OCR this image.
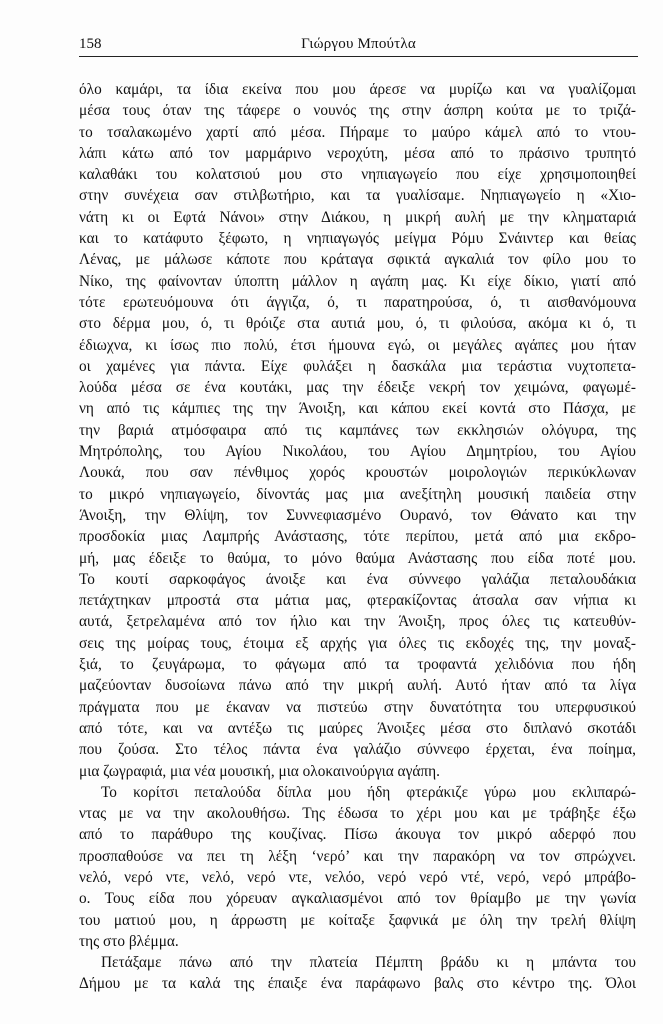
158	Γιώργου Μπούτλα
όλο καμάρι, τα ίδια εκείνα που μου άρεσε να μυρίζω και να γυαλίζομαι
μέσα τους όταν της τάφερε ο νουνός της στην άσπρη κούτα με το τριζά-
το τσαλακωμένο χαρτί από μέσα. Πήραμε το μαύρο κάμελ από το ντου-
λάπι κάτω από τον μαρμάρινο νεροχύτη, μέσα από το πράσινο τρυπητό
καλαθάκι του κολατσιού μου στο νηπιαγωγείο που είχε χρησιμοποιηθεί
στην συνέχεια σαν στιλβωτήριο, και τα γυαλίσαμε. Νηπιαγωγείο η «Χιο-
νάτη κι οι Εφτά Νάνοι» στην Διάκου, η μικρή αυλή με την κληματαριά
και το κατάφυτο ξέφωτο, η νηπιαγωγός μείγμα Ρόμυ Σνάιντερ και θείας
Λένας, με μάλωσε κάποτε που κράταγα σφικτά αγκαλιά τον φίλο μου το
Νίκο, της φαίνονταν ύποπτη μάλλον η αγάπη μας. Κι είχε δίκιο, γιατί από
τότε ερωτευόμουνα ότι άγγιζα, ό, τι παρατηρούσα, ό, τι αισθανόμουνα
στο δέρμα μου, ό, τι θρόιζε στα αυτιά μου, ό, τι φιλούσα, ακόμα κι ό, τι
έδιωχνα, κι ίσως πιο πολύ, έτσι ήμουνα εγώ, οι μεγάλες αγάπες μου ήταν
οι χαμένες για πάντα. Είχε φυλάξει η δασκάλα μια τεράστια νυχτοπετα-
λούδα μέσα σε ένα κουτάκι, μας την έδειξε νεκρή τον χειμώνα, φαγωμέ-
νη από τις κάμπιες της την Άνοιξη, και κάπου εκεί κοντά στο Πάσχα, με
την βαριά ατμόσφαιρα από τις καμπάνες των εκκλησιών ολόγυρα, της
Μητρόπολης, του Αγίου Νικολάου, του Αγίου Δημητρίου, του Αγίου
Λουκά, που σαν πένθιμος χορός κρουστών μοιρολογιών περικύκλωναν
το μικρό νηπιαγωγείο, δίνοντάς μας μια ανεξίτηλη μουσική παιδεία στην
Άνοιξη, την Θλίψη, τον Συννεφιασμένο Ουρανό, τον Θάνατο και την
προσδοκία μιας Λαμπρής Ανάστασης, τότε περίπου, μετά από μια εκδρο-
μή, μας έδειξε το θαύμα, το μόνο θαύμα Ανάστασης που είδα ποτέ μου.
Το κουτί σαρκοφάγος άνοιξε και ένα σύννεφο γαλάζια πεταλουδάκια
πετάχτηκαν μπροστά στα μάτια μας, φτερακίζοντας άτσαλα σαν νήπια κι
αυτά, ξετρελαμένα από τον ήλιο και την Άνοιξη, προς όλες τις κατευθύν-
σεις της μοίρας τους, έτοιμα εξ αρχής για όλες τις εκδοχές της, την μοναξ-
ξιά, το ζευγάρωμα, το φάγωμα από τα τροφαντά χελιδόνια που ήδη
μαζεύονταν δυσοίωνα πάνω από την μικρή αυλή. Αυτό ήταν από τα λίγα
πράγματα που με έκαναν να πιστεύω στην δυνατότητα του υπερφυσικού
από τότε, και να αντέξω τις μαύρες Άνοιξες μέσα στο διπλανό σκοτάδι
που ζούσα. Στο τέλος πάντα ένα γαλάζιο σύννεφο έρχεται, ένα ποίημα,
μια ζωγραφιά, μια νέα μουσική, μια ολοκαινούργια αγάπη.
Το κορίτσι πεταλούδα δίπλα μου ήδη φτεράκιζε γύρω μου εκλιπαρώ-
ντας με να την ακολουθήσω. Της έδωσα το χέρι μου και με τράβηξε έξω
από το παράθυρο της κουζίνας. Πίσω άκουγα τον μικρό αδερφό που
προσπαθούσε να πει τη λέξη ‘νερό’ και την παρακόρη να τον σπρώχνει.
νελό, νερό ντε, νελό, νερό ντε, νελόο, νερό νερό ντέ, νερό, νερό μπράβο-
ο. Τους είδα που χόρευαν αγκαλιασμένοι από τον θρίαμβο με την γωνία
του ματιού μου, η άρρωστη με κοίταξε ξαφνικά με όλη την τρελή θλίψη
της στο βλέμμα.
Πετάξαμε πάνω από την πλατεία Πέμπτη βράδυ κι η μπάντα του
Δήμου με τα καλά της έπαιξε ένα παράφωνο βαλς στο κέντρο της. Όλοι
